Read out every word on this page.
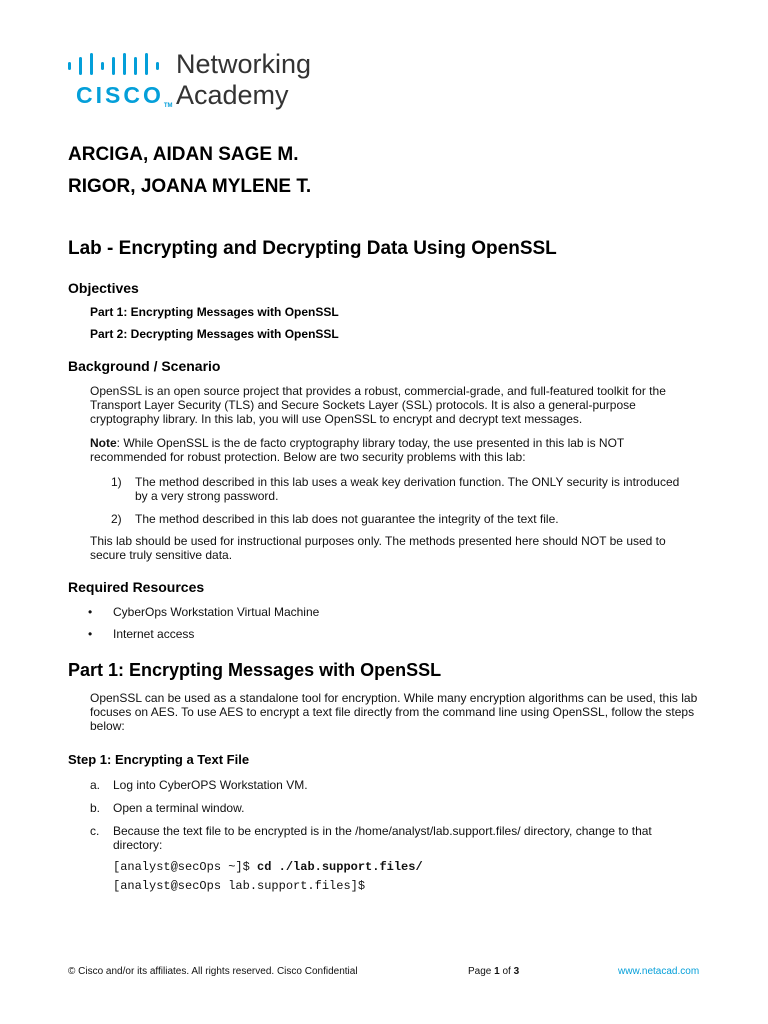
CISCOTM
Networking
Academy
ARCIGA, AIDAN SAGE M.
RIGOR, JOANA MYLENE T.
Lab - Encrypting and Decrypting Data Using OpenSSL
Objectives
Part 1: Encrypting Messages with OpenSSL
Part 2: Decrypting Messages with OpenSSL
Background / Scenario
OpenSSL is an open source project that provides a robust, commercial-grade, and full-featured toolkit for the Transport Layer Security (TLS) and Secure Sockets Layer (SSL) protocols. It is also a general-purpose cryptography library. In this lab, you will use OpenSSL to encrypt and decrypt text messages.
Note: While OpenSSL is the de facto cryptography library today, the use presented in this lab is NOT recommended for robust protection. Below are two security problems with this lab:
1) The method described in this lab uses a weak key derivation function. The ONLY security is introduced by a very strong password.
2) The method described in this lab does not guarantee the integrity of the text file.
This lab should be used for instructional purposes only. The methods presented here should NOT be used to secure truly sensitive data.
Required Resources
• CyberOps Workstation Virtual Machine
• Internet access
Part 1: Encrypting Messages with OpenSSL
OpenSSL can be used as a standalone tool for encryption. While many encryption algorithms can be used, this lab focuses on AES. To use AES to encrypt a text file directly from the command line using OpenSSL, follow the steps below:
Step 1: Encrypting a Text File
a. Log into CyberOPS Workstation VM.
b. Open a terminal window.
c. Because the text file to be encrypted is in the /home/analyst/lab.support.files/ directory, change to that directory:
[analyst@secOps ~]$ cd ./lab.support.files/
[analyst@secOps lab.support.files]$
© Cisco and/or its affiliates. All rights reserved. Cisco Confidential	Page 1 of 3	www.netacad.com
